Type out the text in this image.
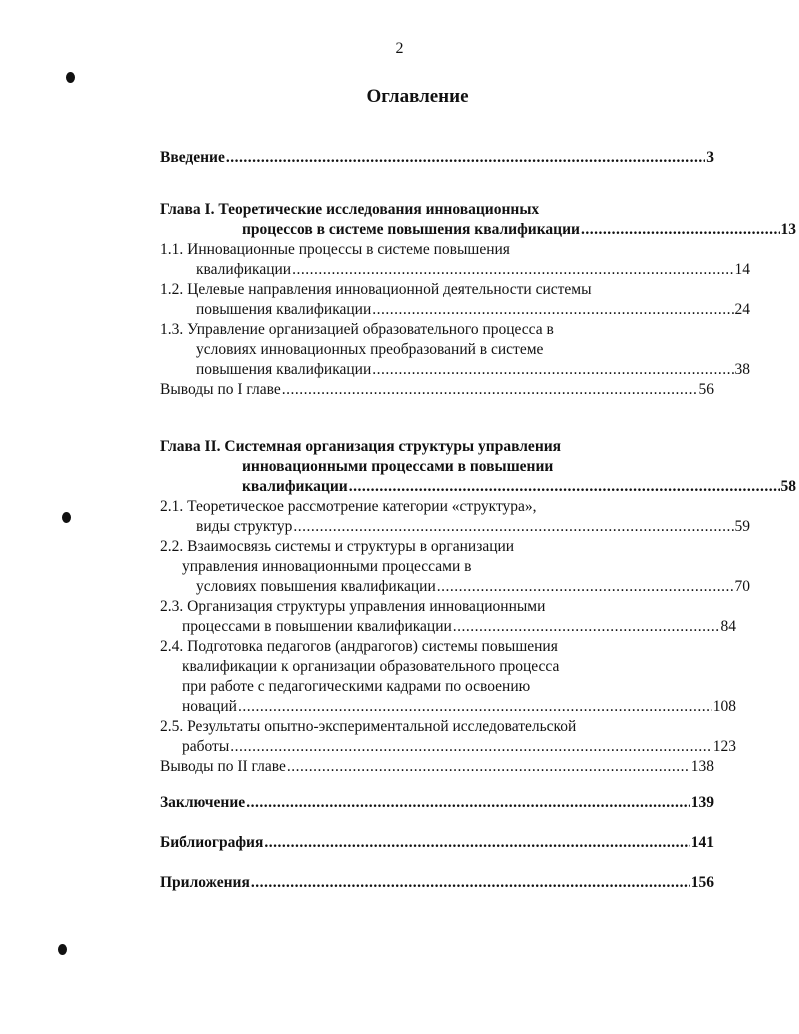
2
Оглавление
Введение .....	3
Глава I. Теоретические исследования инновационных
процессов в системе повышения квалификации .....	13
1.1. Инновационные процессы в системе повышения
квалификации .....	14
1.2. Целевые направления инновационной деятельности системы
повышения квалификации .....	24
1.3. Управление организацией образовательного процесса в
условиях инновационных преобразований в системе
повышения квалификации .....	38
Выводы по I главе .....	56
Глава II. Системная организация структуры управления
инновационными процессами в повышении
квалификации .....	58
2.1. Теоретическое рассмотрение категории «структура»,
виды структур .....	59
2.2. Взаимосвязь системы и структуры в организации
управления инновационными процессами в
условиях повышения квалификации .....	70
2.3. Организация структуры управления инновационными
процессами в повышении квалификации .....	84
2.4. Подготовка педагогов (андрагогов) системы повышения
квалификации к организации образовательного процесса
при работе с педагогическими кадрами по освоению
новаций .....	108
2.5. Результаты опытно-экспериментальной исследовательской
работы .....	123
Выводы по II главе .....	138
Заключение .....	139
Библиография .....	141
Приложения .....	156
